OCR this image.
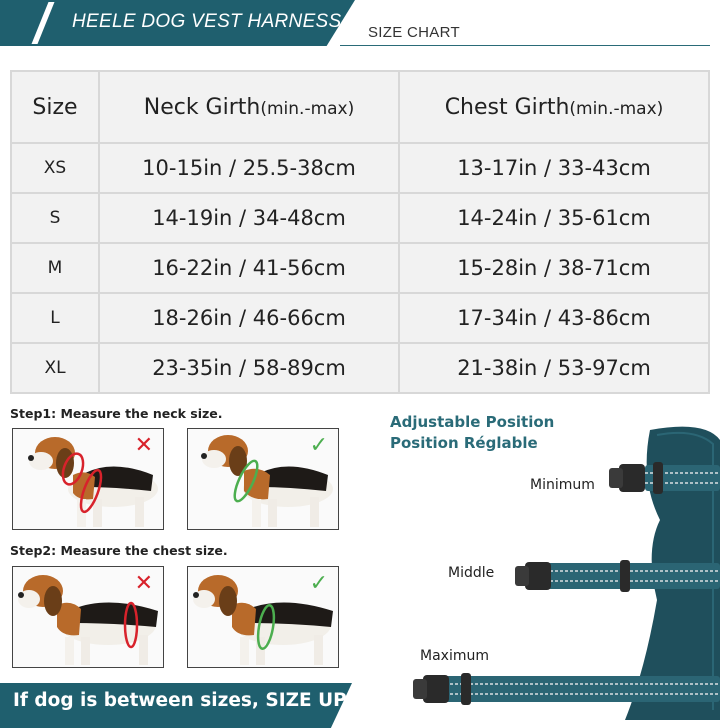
HEELE DOG VEST HARNESS
SIZE CHART
Size	Neck Girth(min.-max)	Chest Girth(min.-max)
XS	10-15in / 25.5-38cm	13-17in / 33-43cm
S	14-19in / 34-48cm	14-24in / 35-61cm
M	16-22in / 41-56cm	15-28in / 38-71cm
L	18-26in / 46-66cm	17-34in / 43-86cm
XL	23-35in / 58-89cm	21-38in / 53-97cm
Step1: Measure the neck size.
✕	✓
Step2: Measure the chest size.
✕	✓
If dog is between sizes, SIZE UP
Adjustable Position
Position Réglable
Minimum
Middle
Maximum
